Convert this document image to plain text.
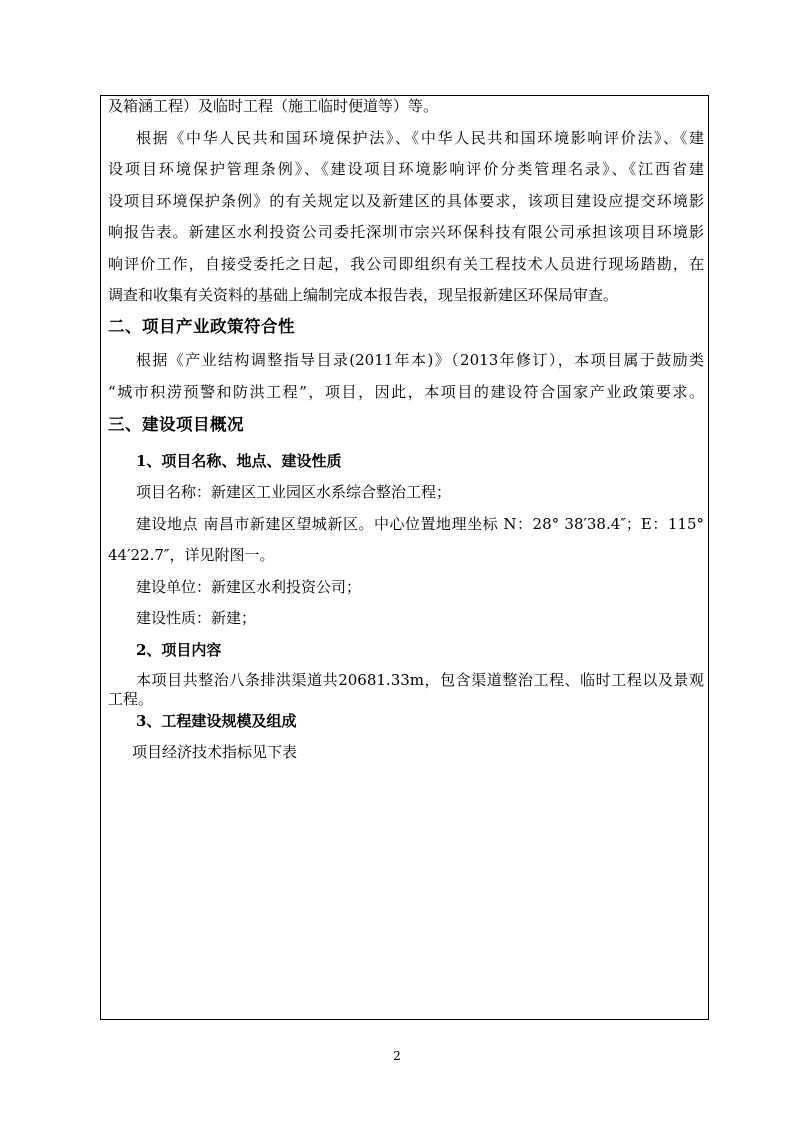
及箱涵工程）及临时工程（施工临时便道等）等。
根据《中华人民共和国环境保护法》、《中华人民共和国环境影响评价法》、《建
设项目环境保护管理条例》、《建设项目环境影响评价分类管理名录》、《江西省建
设项目环境保护条例》的有关规定以及新建区的具体要求，该项目建设应提交环境影
响报告表。新建区水利投资公司委托深圳市宗兴环保科技有限公司承担该项目环境影
响评价工作，自接受委托之日起，我公司即组织有关工程技术人员进行现场踏勘，在
调查和收集有关资料的基础上编制完成本报告表，现呈报新建区环保局审查。
二、项目产业政策符合性
根据《产业结构调整指导目录(2011年本)》（2013年修订），本项目属于鼓励类
“城市积涝预警和防洪工程”，项目，因此，本项目的建设符合国家产业政策要求。
三、建设项目概况
1、项目名称、地点、建设性质
项目名称：新建区工业园区水系综合整治工程；
建设地点 南昌市新建区望城新区。中心位置地理坐标 N：28° 38′38.4″；E：115°
44′22.7″，详见附图一。
建设单位：新建区水利投资公司；
建设性质：新建；
2、项目内容
本项目共整治八条排洪渠道共20681.33m，包含渠道整治工程、临时工程以及景观
工程。
3、工程建设规模及组成
项目经济技术指标见下表
2
